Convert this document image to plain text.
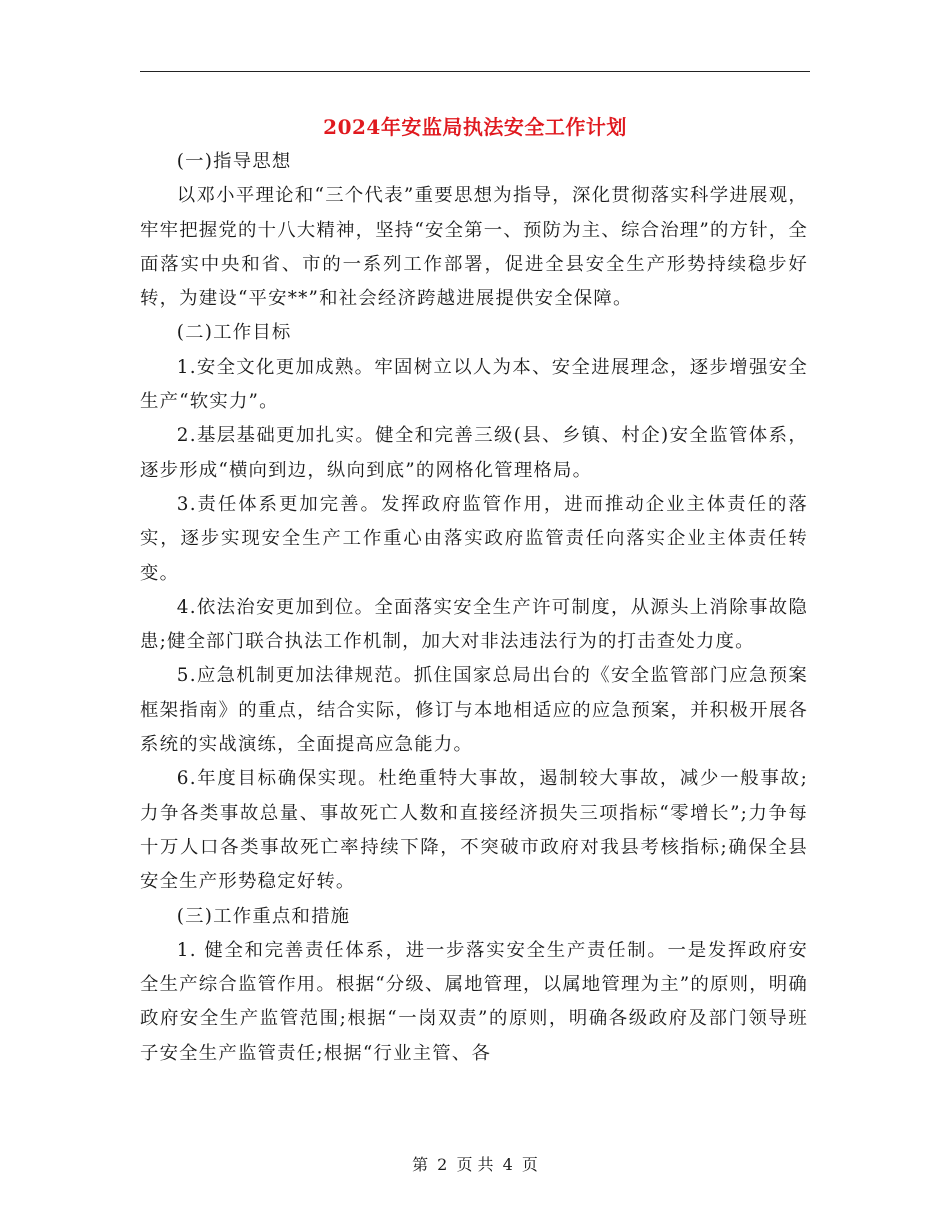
2024年安监局执法安全工作计划

(一)指导思想

以邓小平理论和“三个代表”重要思想为指导，深化贯彻落实科学进展观，牢牢把握党的十八大精神，坚持“安全第一、预防为主、综合治理”的方针，全面落实中央和省、市的一系列工作部署，促进全县安全生产形势持续稳步好转，为建设“平安**”和社会经济跨越进展提供安全保障。

(二)工作目标

1.安全文化更加成熟。牢固树立以人为本、安全进展理念，逐步增强安全生产“软实力”。

2.基层基础更加扎实。健全和完善三级(县、乡镇、村企)安全监管体系，逐步形成“横向到边，纵向到底”的网格化管理格局。

3.责任体系更加完善。发挥政府监管作用，进而推动企业主体责任的落实，逐步实现安全生产工作重心由落实政府监管责任向落实企业主体责任转变。

4.依法治安更加到位。全面落实安全生产许可制度，从源头上消除事故隐患;健全部门联合执法工作机制，加大对非法违法行为的打击查处力度。

5.应急机制更加法律规范。抓住国家总局出台的《安全监管部门应急预案框架指南》的重点，结合实际，修订与本地相适应的应急预案，并积极开展各系统的实战演练，全面提高应急能力。

6.年度目标确保实现。杜绝重特大事故，遏制较大事故，减少一般事故;力争各类事故总量、事故死亡人数和直接经济损失三项指标“零增长”;力争每十万人口各类事故死亡率持续下降，不突破市政府对我县考核指标;确保全县安全生产形势稳定好转。

(三)工作重点和措施

1. 健全和完善责任体系，进一步落实安全生产责任制。一是发挥政府安全生产综合监管作用。根据“分级、属地管理，以属地管理为主”的原则，明确政府安全生产监管范围;根据“一岗双责”的原则，明确各级政府及部门领导班子安全生产监管责任;根据“行业主管、各

第 2 页 共 4 页
